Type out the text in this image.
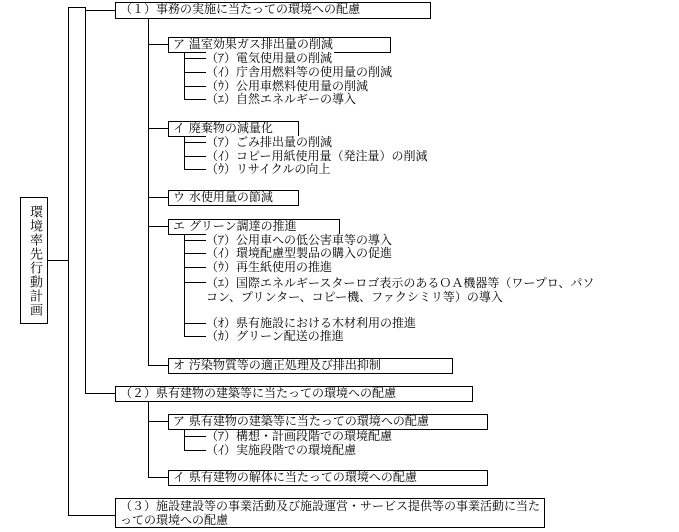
環境率先行動計画
（１）事務の実施に当たっての環境への配慮
ア 温室効果ガス排出量の削減
（ｱ）電気使用量の削減
（ｲ）庁舎用燃料等の使用量の削減
（ｳ）公用車燃料使用量の削減
（ｴ）自然エネルギーの導入
イ 廃棄物の減量化
（ｱ）ごみ排出量の削減
（ｲ）コピー用紙使用量（発注量）の削減
（ｳ）リサイクルの向上
ウ 水使用量の節減
エ グリーン調達の推進
（ｱ）公用車への低公害車等の導入
（ｲ）環境配慮型製品の購入の促進
（ｳ）再生紙使用の推進
（ｴ）国際エネルギースターロゴ表示のあるＯＡ機器等（ワープロ、パソコン、プリンター、コピー機、ファクシミリ等）の導入
（ｵ）県有施設における木材利用の推進
（ｶ）グリーン配送の推進
オ 汚染物質等の適正処理及び排出抑制
（２）県有建物の建築等に当たっての環境への配慮
ア 県有建物の建築等に当たっての環境への配慮
（ｱ）構想・計画段階での環境配慮
（ｲ）実施段階での環境配慮
イ 県有建物の解体に当たっての環境への配慮
（３）施設建設等の事業活動及び施設運営・サービス提供等の事業活動に当たっての環境への配慮
